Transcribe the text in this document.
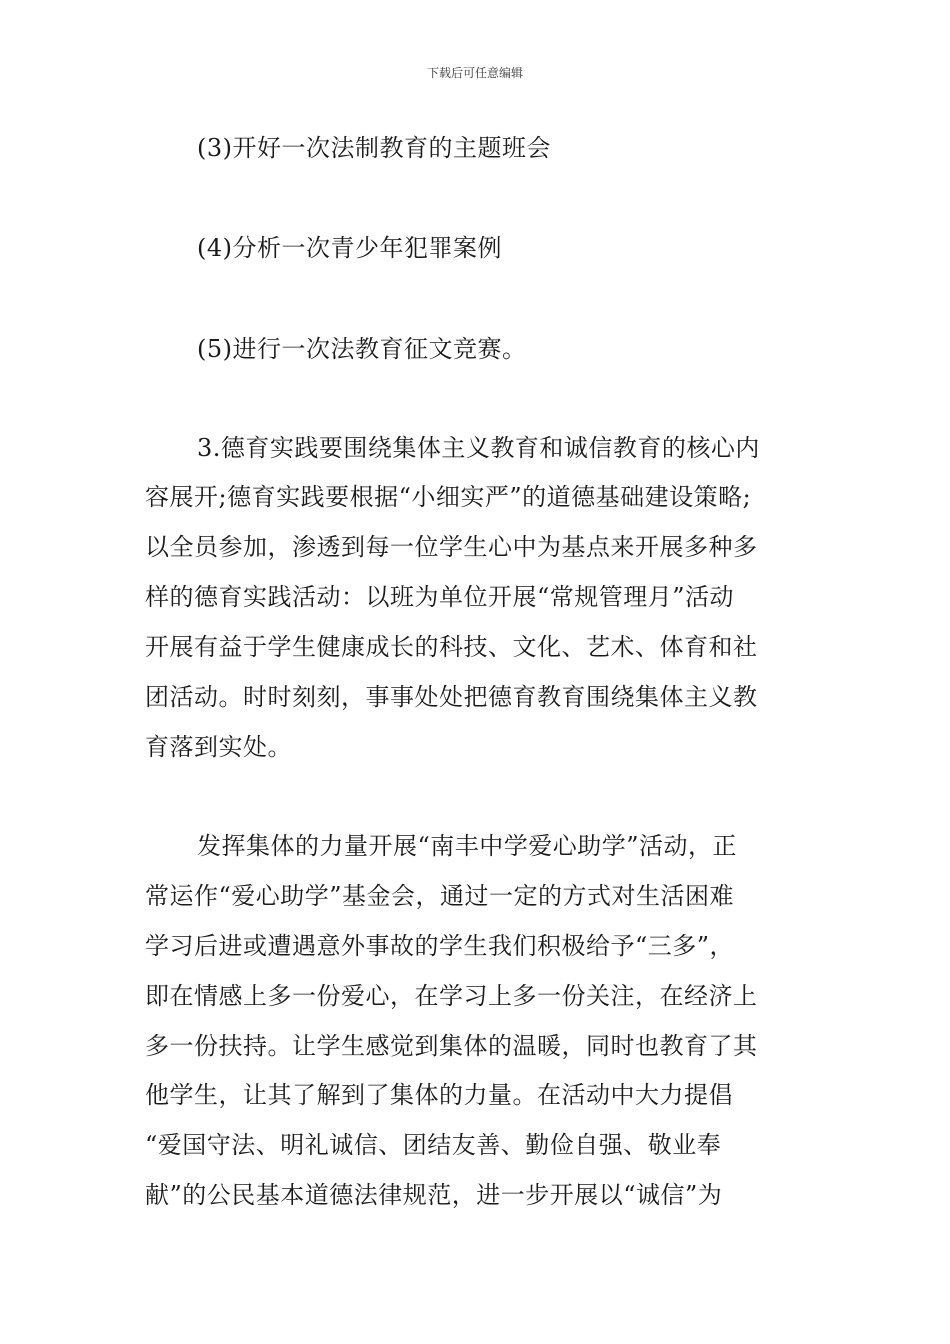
下载后可任意编辑

(3)开好一次法制教育的主题班会

(4)分析一次青少年犯罪案例

(5)进行一次法教育征文竞赛。

3.德育实践要围绕集体主义教育和诚信教育的核心内

容展开;德育实践要根据“小细实严”的道德基础建设策略;

以全员参加，渗透到每一位学生心中为基点来开展多种多

样的德育实践活动：以班为单位开展“常规管理月”活动

开展有益于学生健康成长的科技、文化、艺术、体育和社

团活动。时时刻刻，事事处处把德育教育围绕集体主义教

育落到实处。

发挥集体的力量开展“南丰中学爱心助学”活动，正

常运作“爱心助学”基金会，通过一定的方式对生活困难

学习后进或遭遇意外事故的学生我们积极给予“三多”，

即在情感上多一份爱心，在学习上多一份关注，在经济上

多一份扶持。让学生感觉到集体的温暖，同时也教育了其

他学生，让其了解到了集体的力量。在活动中大力提倡

“爱国守法、明礼诚信、团结友善、勤俭自强、敬业奉

献”的公民基本道德法律规范，进一步开展以“诚信”为
